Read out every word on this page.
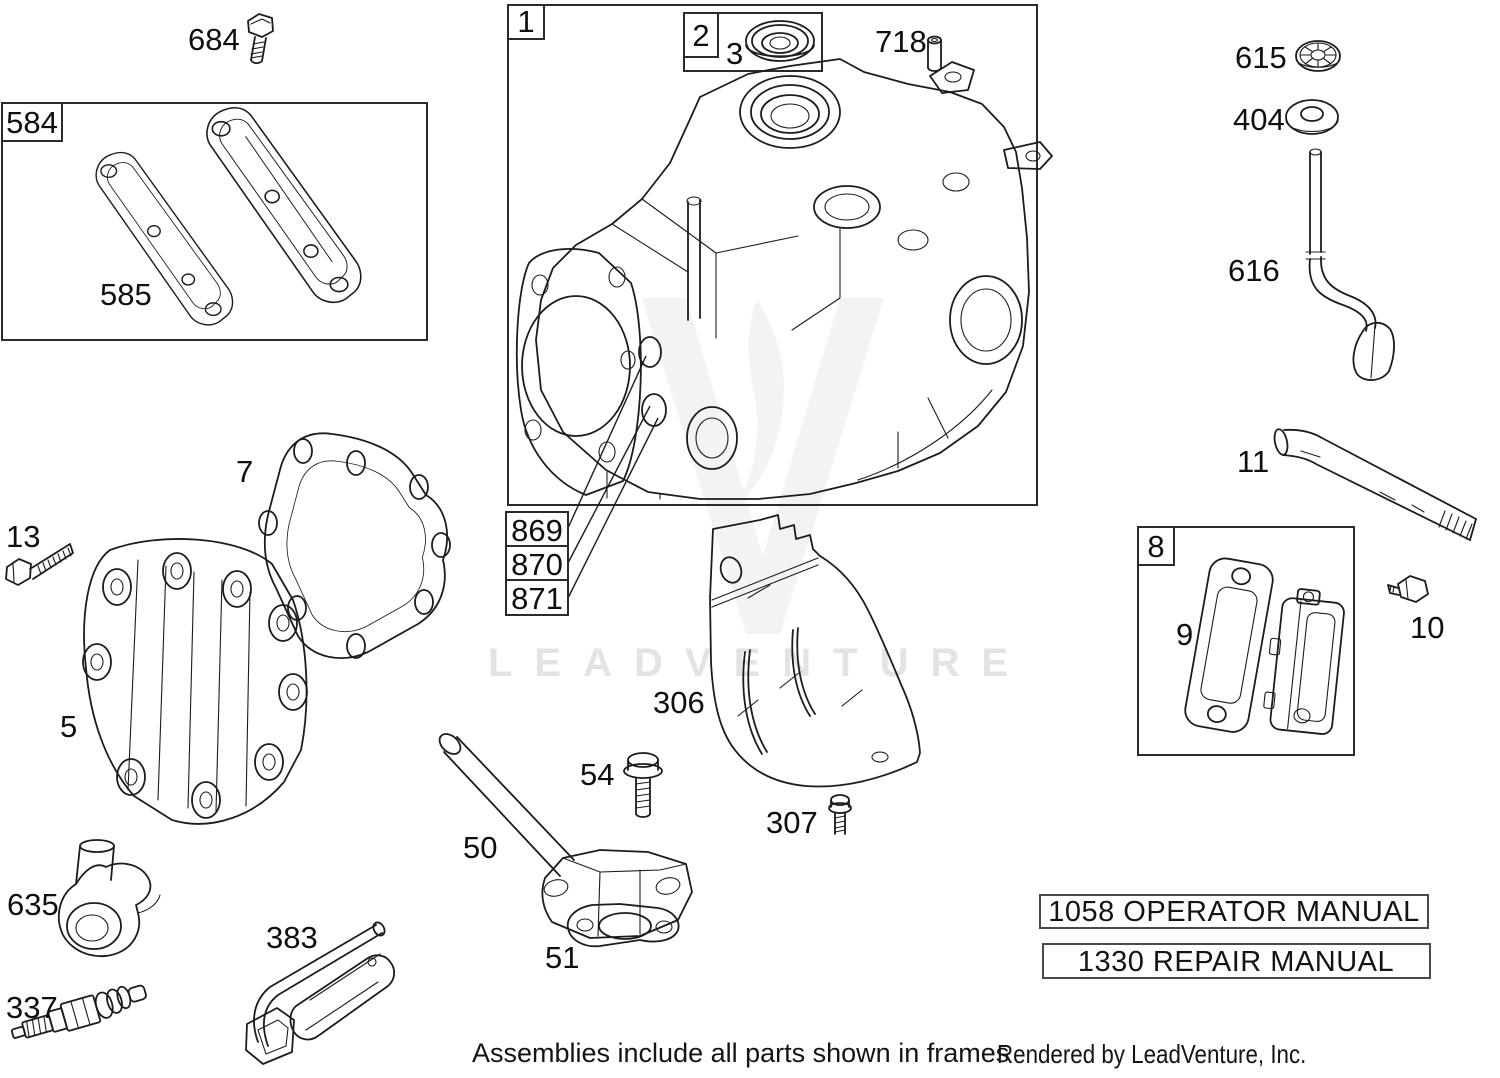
LEADVENTURE
584
585
684
1	2
3	718
869
870
871
615
404
616
11
7
13
5
306
54
307
50
51
635
337
383
8
9	10
1058 OPERATOR MANUAL
1330 REPAIR MANUAL
Assemblies include all parts shown in frames
Rendered by LeadVenture, Inc.
